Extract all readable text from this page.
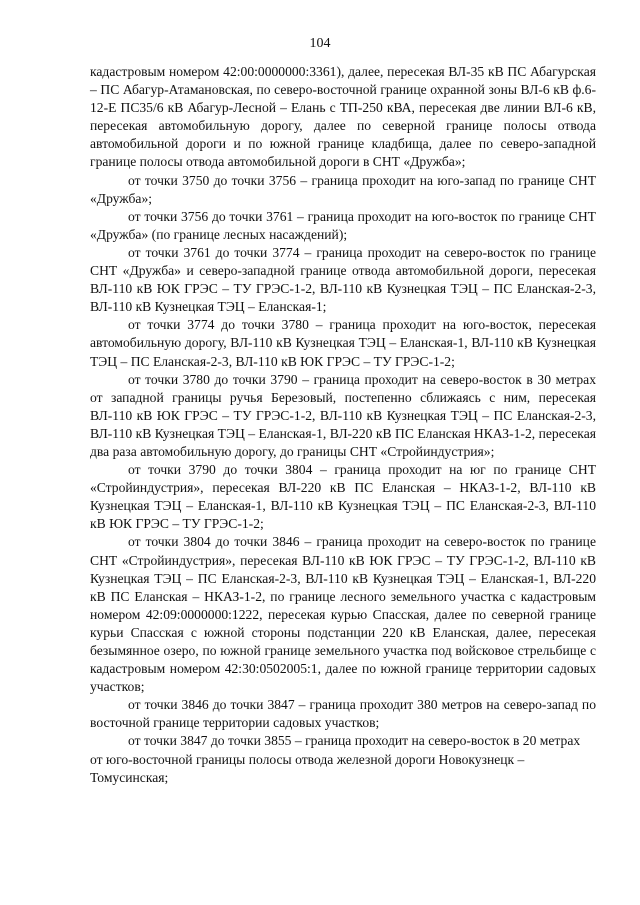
104

кадастровым номером 42:00:0000000:3361), далее, пересекая ВЛ-35 кВ ПС Абагурская – ПС Абагур-Атамановская, по северо-восточной границе охранной зоны ВЛ-6 кВ ф.6-12-Е ПС35/6 кВ Абагур-Лесной – Елань с ТП-250 кВА, пересекая две линии ВЛ-6 кВ, пересекая автомобильную дорогу, далее по северной границе полосы отвода автомобильной дороги и по южной границе кладбища, далее по северо-западной границе полосы отвода автомобильной дороги в СНТ «Дружба»;

от точки 3750 до точки 3756 – граница проходит на юго-запад по границе СНТ «Дружба»;

от точки 3756 до точки 3761 – граница проходит на юго-восток по границе СНТ «Дружба» (по границе лесных насаждений);

от точки 3761 до точки 3774 – граница проходит на северо-восток по границе СНТ «Дружба» и северо-западной границе отвода автомобильной дороги, пересекая ВЛ-110 кВ ЮК ГРЭС – ТУ ГРЭС-1-2, ВЛ-110 кВ Кузнецкая ТЭЦ – ПС Еланская-2-3, ВЛ-110 кВ Кузнецкая ТЭЦ – Еланская-1;

от точки 3774 до точки 3780 – граница проходит на юго-восток, пересекая автомобильную дорогу, ВЛ-110 кВ Кузнецкая ТЭЦ – Еланская-1, ВЛ-110 кВ Кузнецкая ТЭЦ – ПС Еланская-2-3, ВЛ-110 кВ ЮК ГРЭС – ТУ ГРЭС-1-2;

от точки 3780 до точки 3790 – граница проходит на северо-восток в 30 метрах от западной границы ручья Березовый, постепенно сближаясь с ним, пересекая ВЛ-110 кВ ЮК ГРЭС – ТУ ГРЭС-1-2, ВЛ-110 кВ Кузнецкая ТЭЦ – ПС Еланская-2-3, ВЛ-110 кВ Кузнецкая ТЭЦ – Еланская-1, ВЛ-220 кВ ПС Еланская НКАЗ-1-2, пересекая два раза автомобильную дорогу, до границы СНТ «Стройиндустрия»;

от точки 3790 до точки 3804 – граница проходит на юг по границе СНТ «Стройиндустрия», пересекая ВЛ-220 кВ ПС Еланская – НКАЗ-1-2, ВЛ-110 кВ Кузнецкая ТЭЦ – Еланская-1, ВЛ-110 кВ Кузнецкая ТЭЦ – ПС Еланская-2-3, ВЛ-110 кВ ЮК ГРЭС – ТУ ГРЭС-1-2;

от точки 3804 до точки 3846 – граница проходит на северо-восток по границе СНТ «Стройиндустрия», пересекая ВЛ-110 кВ ЮК ГРЭС – ТУ ГРЭС-1-2, ВЛ-110 кВ Кузнецкая ТЭЦ – ПС Еланская-2-3, ВЛ-110 кВ Кузнецкая ТЭЦ – Еланская-1, ВЛ-220 кВ ПС Еланская – НКАЗ-1-2, по границе лесного земельного участка с кадастровым номером 42:09:0000000:1222, пересекая курью Спасская, далее по северной границе курьи Спасская с южной стороны подстанции 220 кВ Еланская, далее, пересекая безымянное озеро, по южной границе земельного участка под войсковое стрельбище с кадастровым номером 42:30:0502005:1, далее по южной границе территории садовых участков;

от точки 3846 до точки 3847 – граница проходит 380 метров на северо-запад по восточной границе территории садовых участков;

от точки 3847 до точки 3855 – граница проходит на северо-восток в 20 метрах от юго-восточной границы полосы отвода железной дороги Новокузнецк – Томусинская;
